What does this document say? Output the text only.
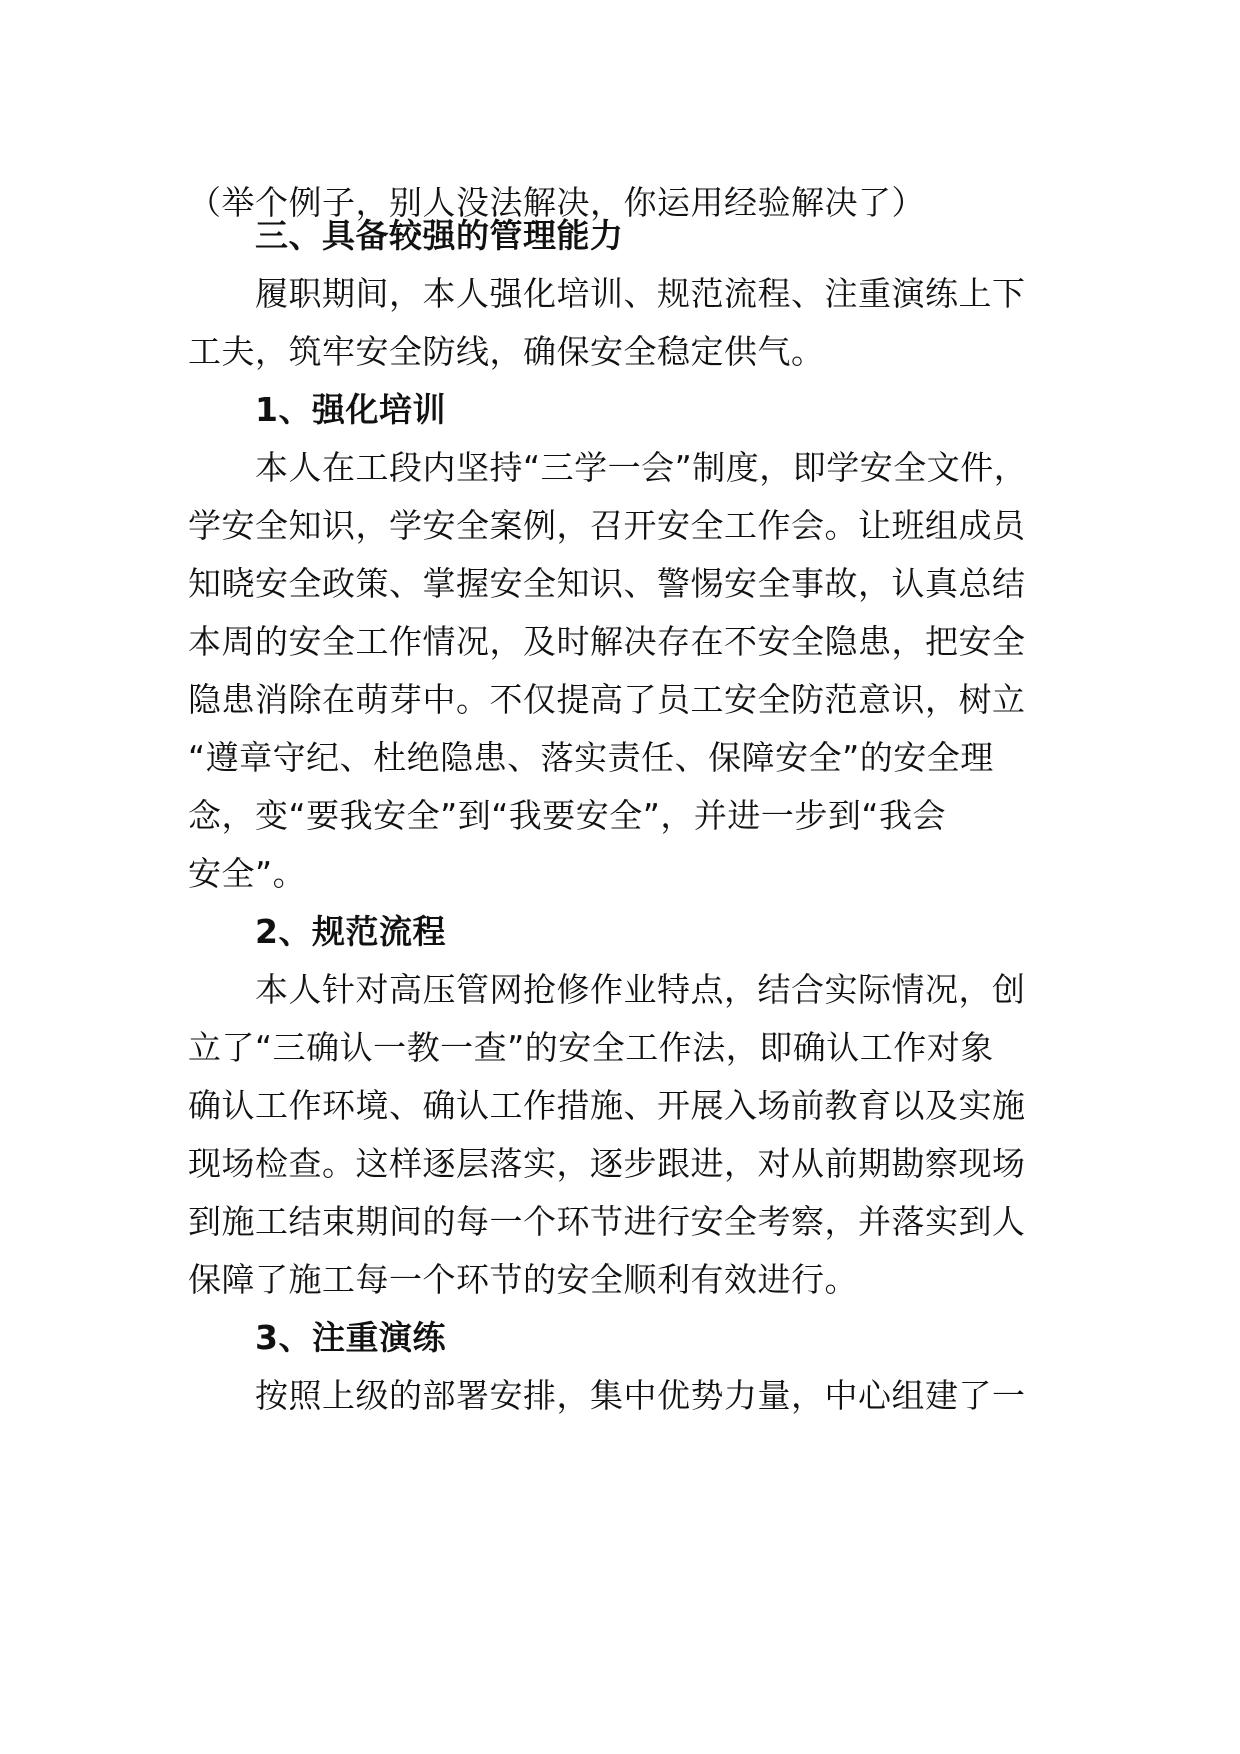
（举个例子，别人没法解决，你运用经验解决了）
三、具备较强的管理能力
履职期间，本人强化培训、规范流程、注重演练上下
工夫，筑牢安全防线，确保安全稳定供气。
1、强化培训
本人在工段内坚持“三学一会”制度，即学安全文件，
学安全知识，学安全案例，召开安全工作会。让班组成员
知晓安全政策、掌握安全知识、警惕安全事故，认真总结
本周的安全工作情况，及时解决存在不安全隐患，把安全
隐患消除在萌芽中。不仅提高了员工安全防范意识，树立
“遵章守纪、杜绝隐患、落实责任、保障安全”的安全理
念，变“要我安全”到“我要安全”，并进一步到“我会
安全”。
2、规范流程
本人针对高压管网抢修作业特点，结合实际情况，创
立了“三确认一教一查”的安全工作法，即确认工作对象
确认工作环境、确认工作措施、开展入场前教育以及实施
现场检查。这样逐层落实，逐步跟进，对从前期勘察现场
到施工结束期间的每一个环节进行安全考察，并落实到人
保障了施工每一个环节的安全顺利有效进行。
3、注重演练
按照上级的部署安排，集中优势力量，中心组建了一
